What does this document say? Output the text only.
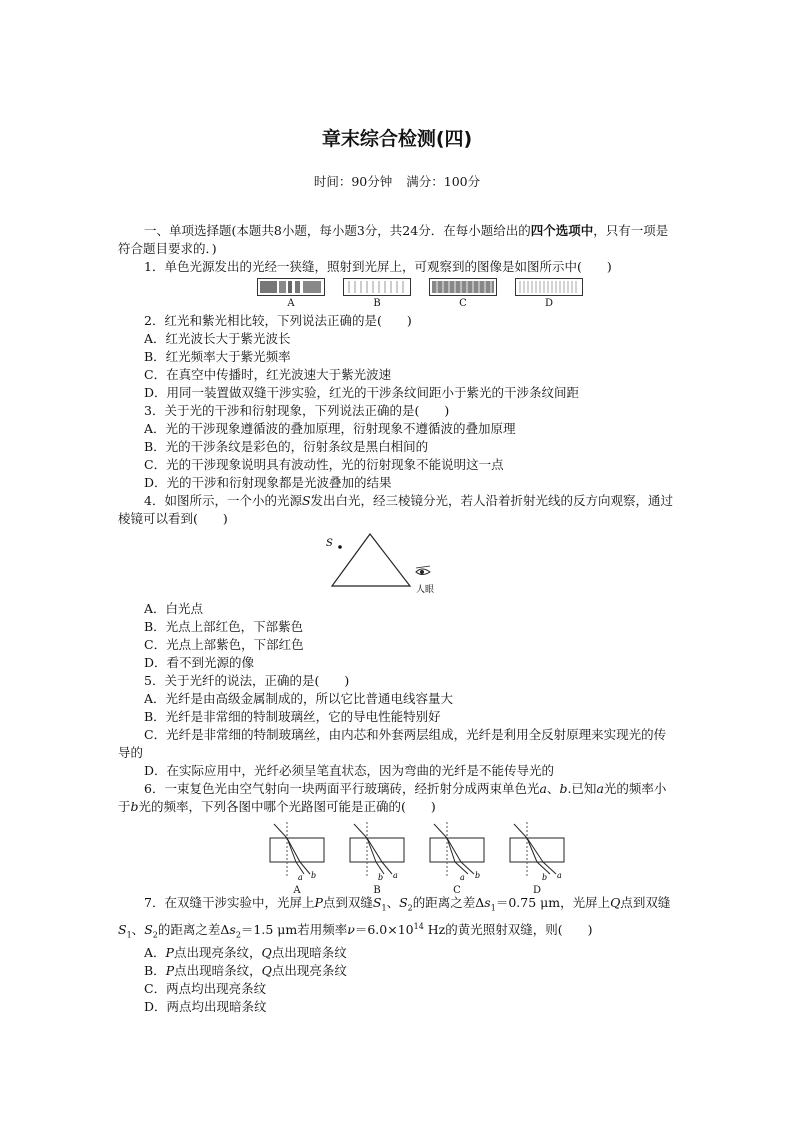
章末综合检测(四)
时间：90分钟 满分：100分

一、单项选择题(本题共8小题，每小题3分，共24分．在每小题给出的四个选项中，只有一项是符合题目要求的．)

1．单色光源发出的光经一狭缝，照射到光屏上，可观察到的图像是如图所示中(　　)

A	B	C	D

2．红光和紫光相比较，下列说法正确的是(　　)

A．红光波长大于紫光波长

B．红光频率大于紫光频率

C．在真空中传播时，红光波速大于紫光波速

D．用同一装置做双缝干涉实验，红光的干涉条纹间距小于紫光的干涉条纹间距

3．关于光的干涉和衍射现象，下列说法正确的是(　　)

A．光的干涉现象遵循波的叠加原理，衍射现象不遵循波的叠加原理

B．光的干涉条纹是彩色的，衍射条纹是黑白相间的

C．光的干涉现象说明具有波动性，光的衍射现象不能说明这一点

D．光的干涉和衍射现象都是光波叠加的结果

4．如图所示，一个小的光源S发出白光，经三棱镜分光，若人沿着折射光线的反方向观察，通过棱镜可以看到(　　)

S
人眼

A．白光点

B．光点上部红色，下部紫色

C．光点上部紫色，下部红色

D．看不到光源的像

5．关于光纤的说法，正确的是(　　)

A．光纤是由高级金属制成的，所以它比普通电线容量大

B．光纤是非常细的特制玻璃丝，它的导电性能特别好

C．光纤是非常细的特制玻璃丝，由内芯和外套两层组成，光纤是利用全反射原理来实现光的传导的

D．在实际应用中，光纤必须呈笔直状态，因为弯曲的光纤是不能传导光的

6．一束复色光由空气射向一块两面平行玻璃砖，经折射分成两束单色光a、b.已知a光的频率小于b光的频率，下列各图中哪个光路图可能是正确的(　　)

a b
A
b a
B
a b
C
b a
D

7．在双缝干涉实验中，光屏上P点到双缝$S_1$、$S_2$的距离之差$\Delta s_1=0.75$ μm，光屏上Q点到双缝$S_1$、$S_2$的距离之差$\Delta s_2=1.5$ μm若用频率$\nu=6.0\times 10^{14}$ Hz的黄光照射双缝，则(　　)

A．P点出现亮条纹，Q点出现暗条纹

B．P点出现暗条纹，Q点出现亮条纹

C．两点均出现亮条纹

D．两点均出现暗条纹
